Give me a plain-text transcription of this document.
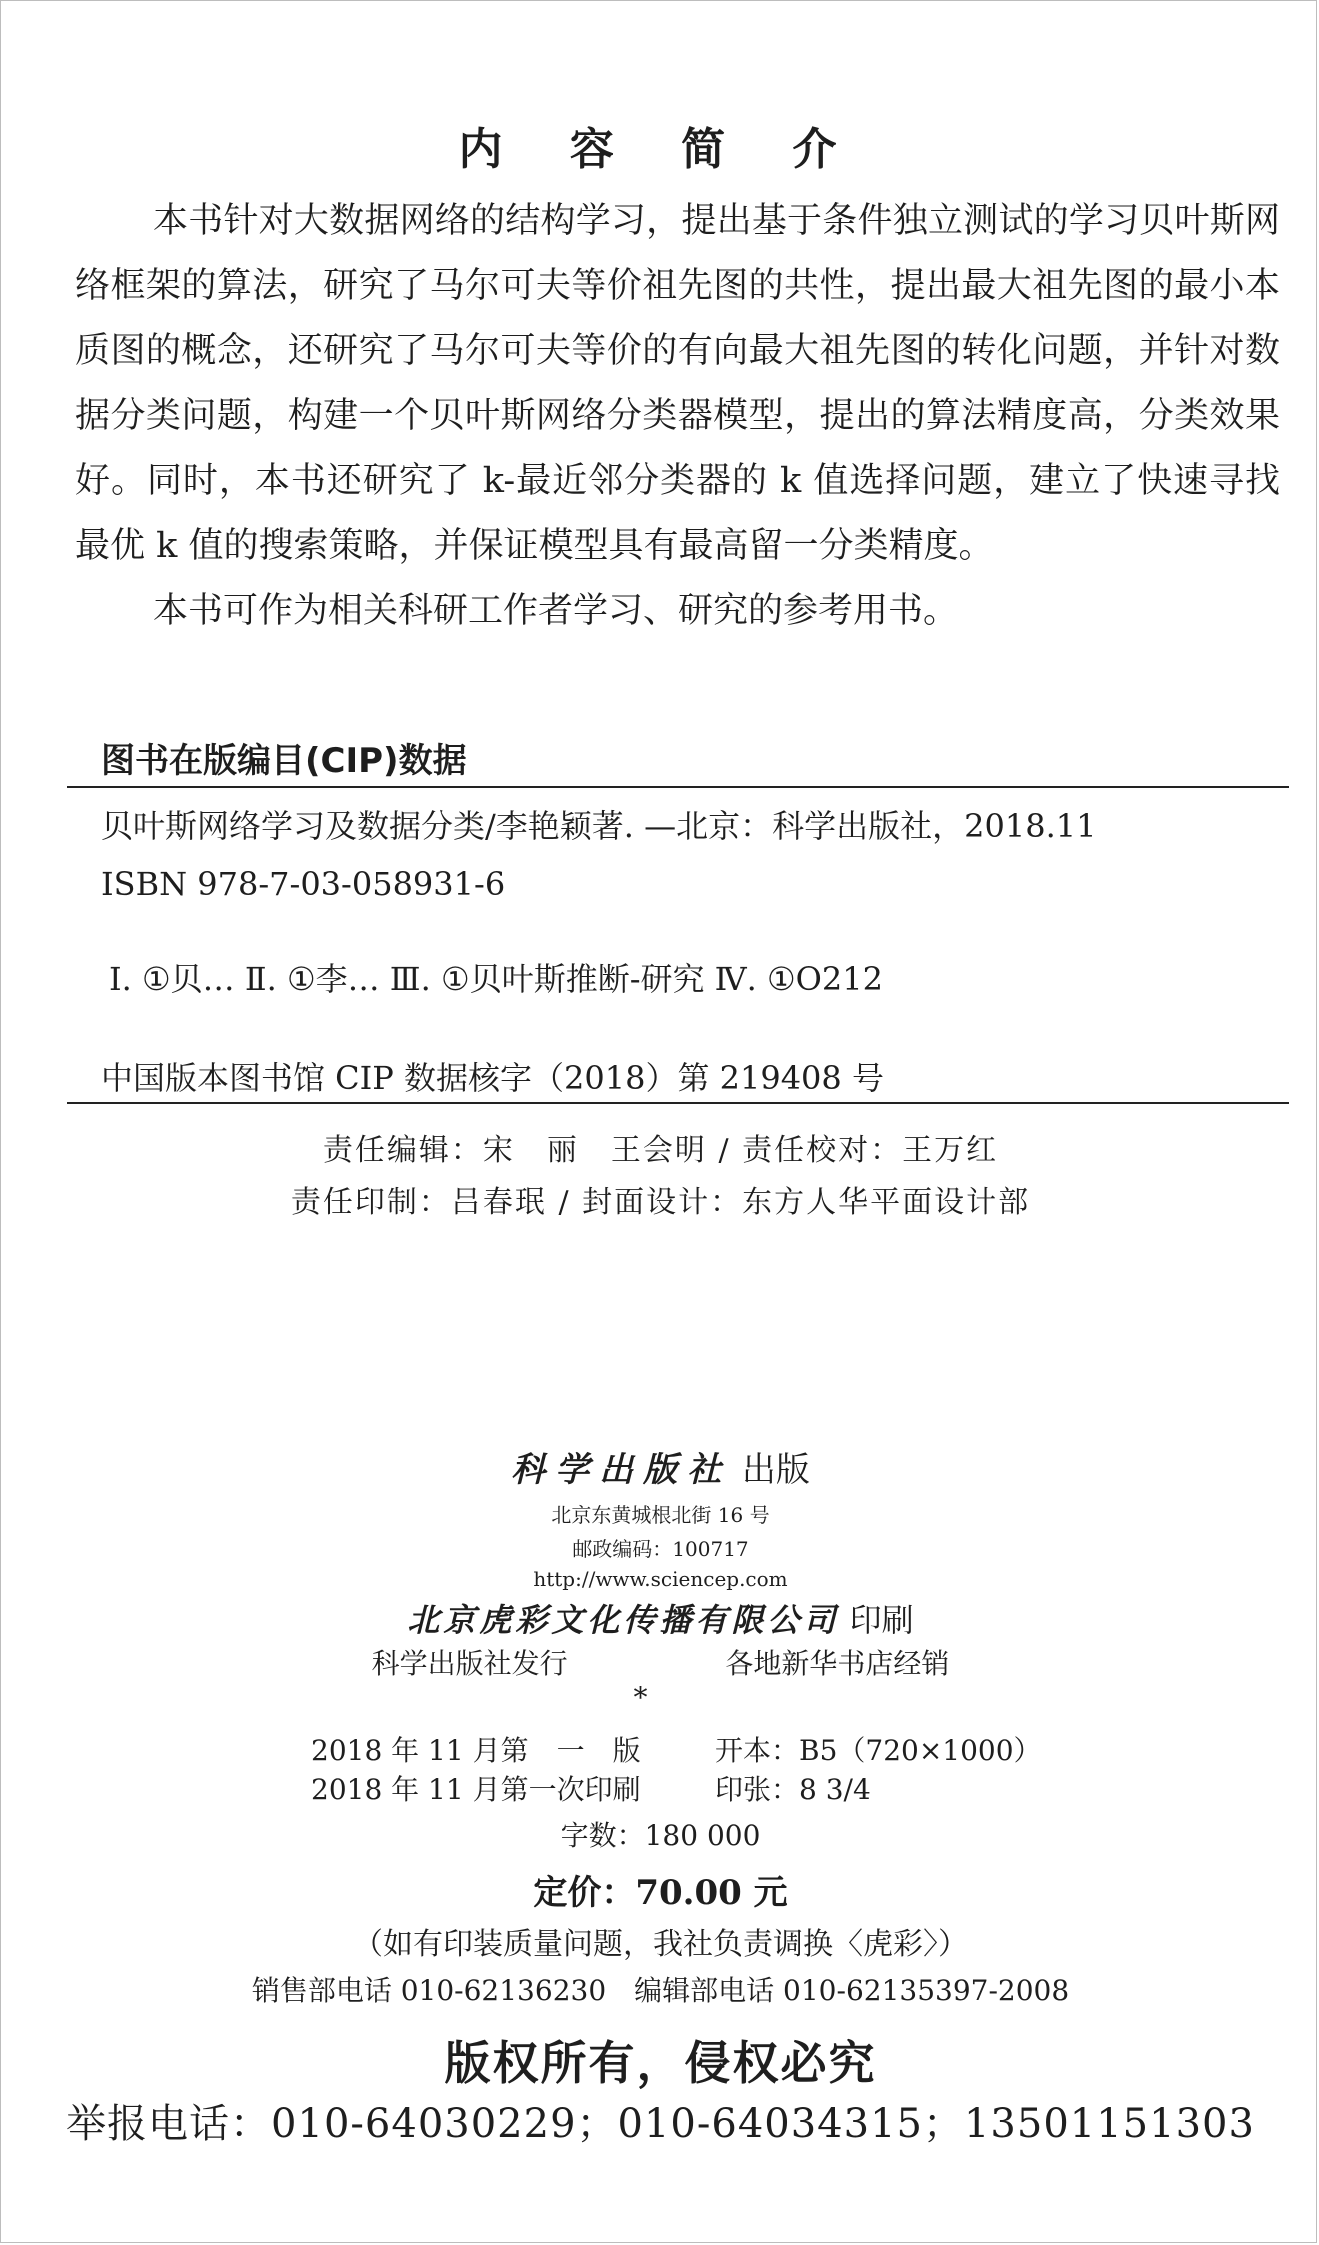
内 容 简 介

本书针对大数据网络的结构学习，提出基于条件独立测试的学习贝叶斯网络框架的算法，研究了马尔可夫等价祖先图的共性，提出最大祖先图的最小本质图的概念，还研究了马尔可夫等价的有向最大祖先图的转化问题，并针对数据分类问题，构建一个贝叶斯网络分类器模型，提出的算法精度高，分类效果好。同时，本书还研究了 k-最近邻分类器的 k 值选择问题，建立了快速寻找最优 k 值的搜索策略，并保证模型具有最高留一分类精度。

本书可作为相关科研工作者学习、研究的参考用书。

图书在版编目(CIP)数据
贝叶斯网络学习及数据分类/李艳颖著. —北京：科学出版社，2018.11
ISBN 978-7-03-058931-6
Ⅰ. ①贝… Ⅱ. ①李… Ⅲ. ①贝叶斯推断-研究 Ⅳ. ①O212
中国版本图书馆 CIP 数据核字（2018）第 219408 号
责任编辑：宋　丽　王会明 / 责任校对：王万红
责任印制：吕春珉 / 封面设计：东方人华平面设计部
科学出版社 出版
北京东黄城根北街 16 号
邮政编码：100717
http://www.sciencep.com
北京虎彩文化传播有限公司 印刷
科学出版社发行	各地新华书店经销
*
2018 年 11 月第　一　版	开本：B5（720×1000）
2018 年 11 月第一次印刷	印张：8 3/4
字数：180 000
定价：70.00 元
（如有印装质量问题，我社负责调换〈虎彩〉）
销售部电话 010-62136230　编辑部电话 010-62135397-2008
版权所有，侵权必究
举报电话：010-64030229；010-64034315；13501151303
